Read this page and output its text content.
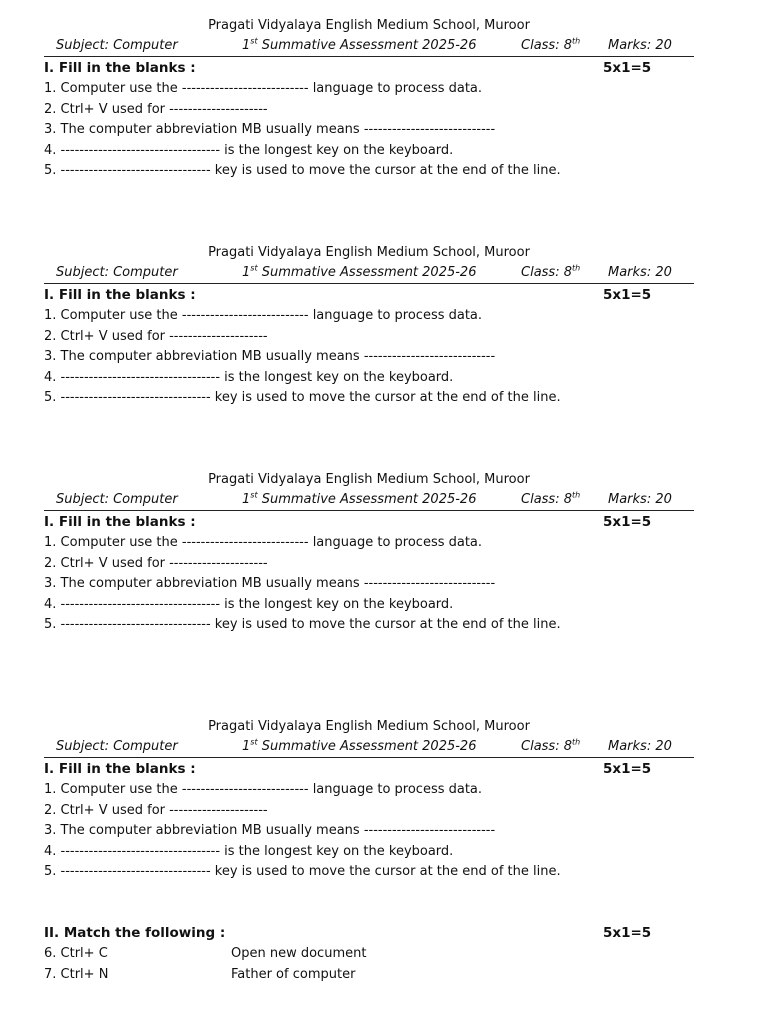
Pragati Vidyalaya English Medium School, Muroor
Subject: Computer	1st Summative Assessment 2025-26	Class: 8th Marks: 20
I. Fill in the blanks :	5x1=5
1. Computer use the --------------------------- language to process data.
2. Ctrl+ V used for ---------------------
3. The computer abbreviation MB usually means ----------------------------
4. ---------------------------------- is the longest key on the keyboard.
5. -------------------------------- key is used to move the cursor at the end of the line.
Pragati Vidyalaya English Medium School, Muroor
Subject: Computer	1st Summative Assessment 2025-26	Class: 8th Marks: 20
I. Fill in the blanks :	5x1=5
1. Computer use the --------------------------- language to process data.
2. Ctrl+ V used for ---------------------
3. The computer abbreviation MB usually means ----------------------------
4. ---------------------------------- is the longest key on the keyboard.
5. -------------------------------- key is used to move the cursor at the end of the line.
Pragati Vidyalaya English Medium School, Muroor
Subject: Computer	1st Summative Assessment 2025-26	Class: 8th Marks: 20
I. Fill in the blanks :	5x1=5
1. Computer use the --------------------------- language to process data.
2. Ctrl+ V used for ---------------------
3. The computer abbreviation MB usually means ----------------------------
4. ---------------------------------- is the longest key on the keyboard.
5. -------------------------------- key is used to move the cursor at the end of the line.
Pragati Vidyalaya English Medium School, Muroor
Subject: Computer	1st Summative Assessment 2025-26	Class: 8th Marks: 20
I. Fill in the blanks :	5x1=5
1. Computer use the --------------------------- language to process data.
2. Ctrl+ V used for ---------------------
3. The computer abbreviation MB usually means ----------------------------
4. ---------------------------------- is the longest key on the keyboard.
5. -------------------------------- key is used to move the cursor at the end of the line.
II. Match the following :	5x1=5
6. Ctrl+ C	Open new document
7. Ctrl+ N	Father of computer
